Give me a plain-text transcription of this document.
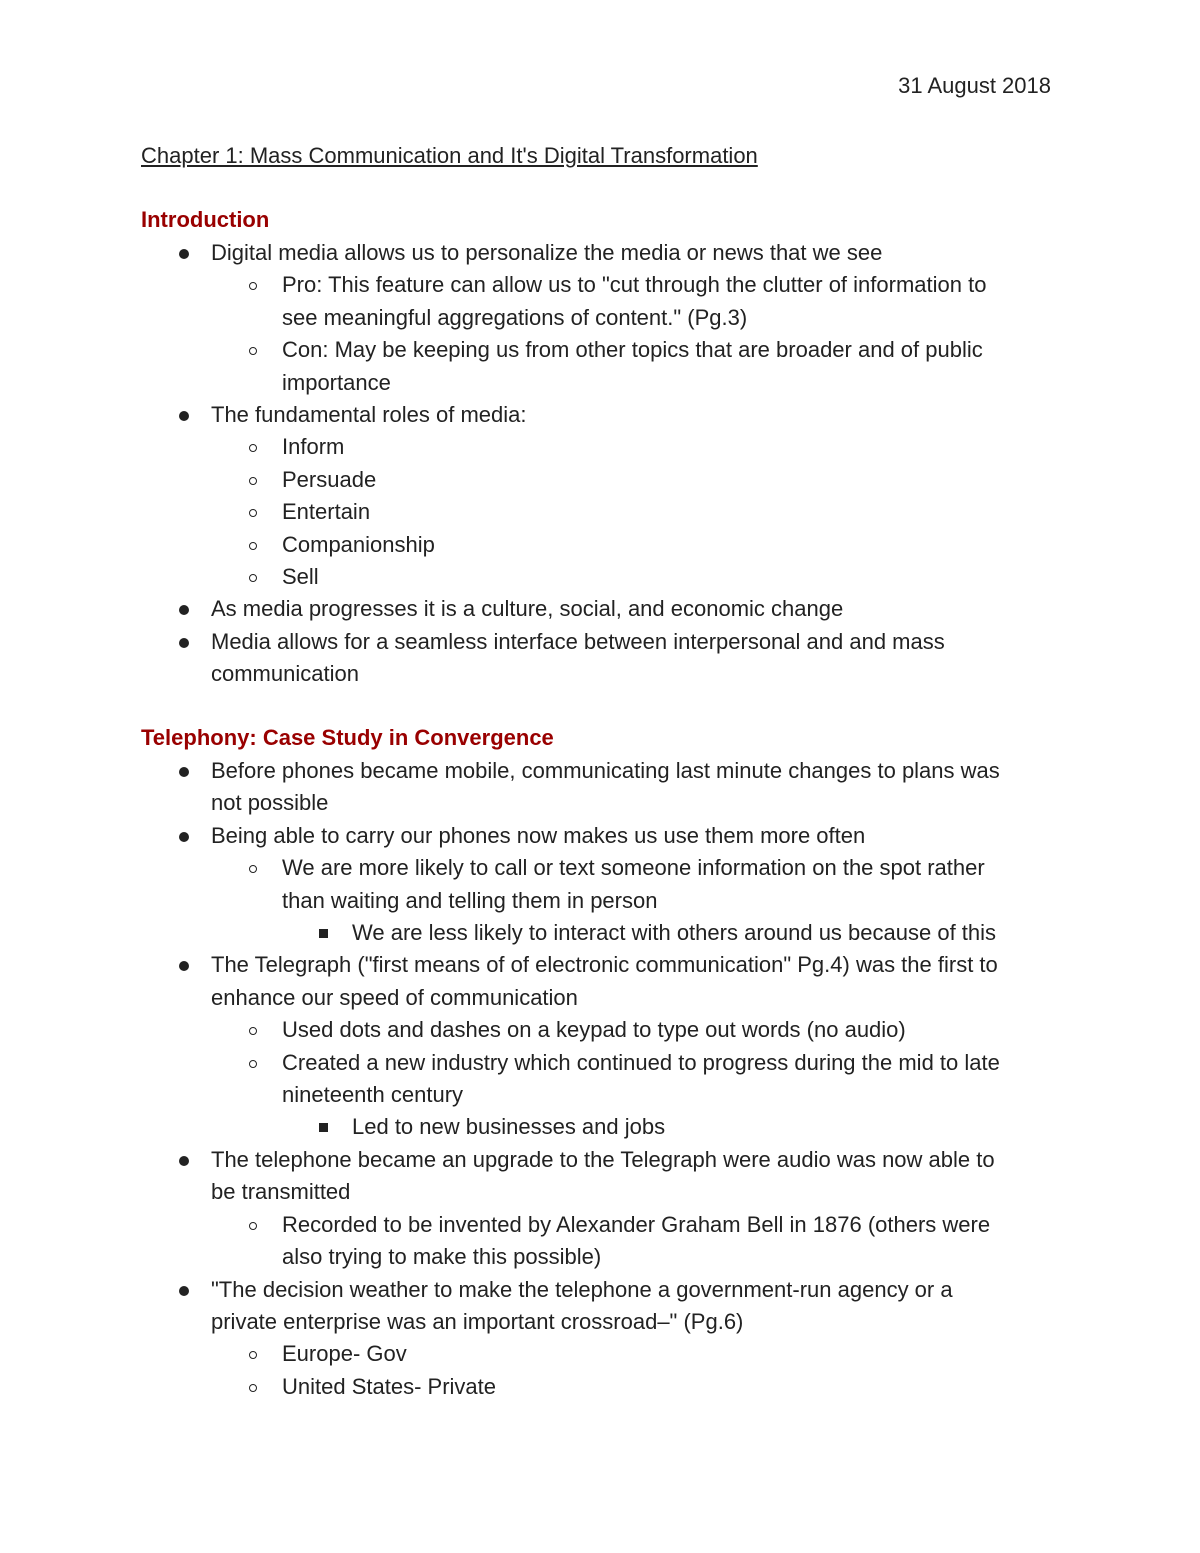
31 August 2018
Chapter 1: Mass Communication and It's Digital Transformation
Introduction
Digital media allows us to personalize the media or news that we see
Pro: This feature can allow us to "cut through the clutter of information to
see meaningful aggregations of content." (Pg.3)
Con: May be keeping us from other topics that are broader and of public
importance
The fundamental roles of media:
Inform
Persuade
Entertain
Companionship
Sell
As media progresses it is a culture, social, and economic change
Media allows for a seamless interface between interpersonal and and mass
communication
Telephony: Case Study in Convergence
Before phones became mobile, communicating last minute changes to plans was
not possible
Being able to carry our phones now makes us use them more often
We are more likely to call or text someone information on the spot rather
than waiting and telling them in person
We are less likely to interact with others around us because of this
The Telegraph ("first means of of electronic communication" Pg.4) was the first to
enhance our speed of communication
Used dots and dashes on a keypad to type out words (no audio)
Created a new industry which continued to progress during the mid to late
nineteenth century
Led to new businesses and jobs
The telephone became an upgrade to the Telegraph were audio was now able to
be transmitted
Recorded to be invented by Alexander Graham Bell in 1876 (others were
also trying to make this possible)
"The decision weather to make the telephone a government-run agency or a
private enterprise was an important crossroad–" (Pg.6)
Europe- Gov
United States- Private
